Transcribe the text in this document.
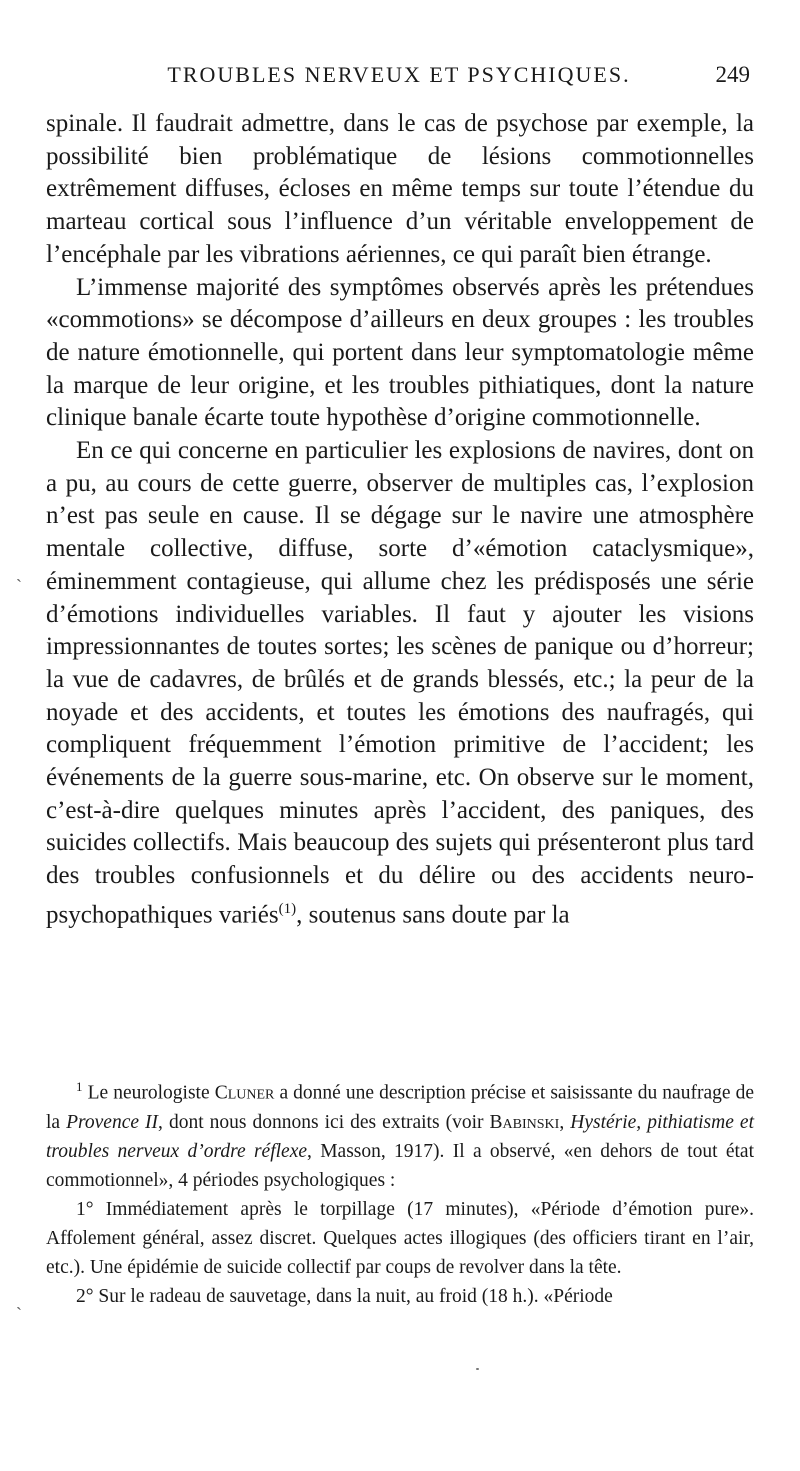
TROUBLES NERVEUX ET PSYCHIQUES.	249

spinale. Il faudrait admettre, dans le cas de psychose par exemple, la possibilité bien problématique de lésions commotionnelles extrêmement diffuses, écloses en même temps sur toute l’étendue du marteau cortical sous l’influence d’un véritable enveloppement de l’encéphale par les vibrations aériennes, ce qui paraît bien étrange.

L’immense majorité des symptômes observés après les prétendues «commotions» se décompose d’ailleurs en deux groupes : les troubles de nature émotionnelle, qui portent dans leur symptomatologie même la marque de leur origine, et les troubles pithiatiques, dont la nature clinique banale écarte toute hypothèse d’origine commotionnelle.

En ce qui concerne en particulier les explosions de navires, dont on a pu, au cours de cette guerre, observer de multiples cas, l’explosion n’est pas seule en cause. Il se dégage sur le navire une atmosphère mentale collective, diffuse, sorte d’«émotion cataclysmique», éminemment contagieuse, qui allume chez les prédisposés une série d’émotions individuelles variables. Il faut y ajouter les visions impressionnantes de toutes sortes; les scènes de panique ou d’horreur; la vue de cadavres, de brûlés et de grands blessés, etc.; la peur de la noyade et des accidents, et toutes les émotions des naufragés, qui compliquent fréquemment l’émotion primitive de l’accident; les événements de la guerre sous-marine, etc. On observe sur le moment, c’est-à-dire quelques minutes après l’accident, des paniques, des suicides collectifs. Mais beaucoup des sujets qui présenteront plus tard des troubles confusionnels et du délire ou des accidents neuro-psychopathiques variés$^{(1)}$, soutenus sans doute par la

$^1$ Le neurologiste Cluner a donné une description précise et saisissante du naufrage de la Provence II, dont nous donnons ici des extraits (voir Babinski, Hystérie, pithiatisme et troubles nerveux d’ordre réflexe, Masson, 1917). Il a observé, «en dehors de tout état commotionnel», 4 périodes psychologiques :

1° Immédiatement après le torpillage (17 minutes), «Période d’émotion pure». Affolement général, assez discret. Quelques actes illogiques (des officiers tirant en l’air, etc.). Une épidémie de suicide collectif par coups de revolver dans la tête.

2° Sur le radeau de sauvetage, dans la nuit, au froid (18 h.). «Période

ˋ
ˋ
